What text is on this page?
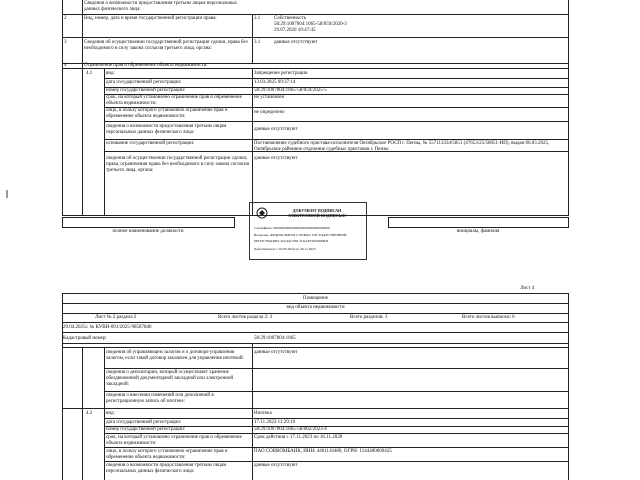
Сведения о возможности предоставления третьим лицам персональных данных физического лица:
2	Вид, номер, дата и время государственной регистрации права:	2.1	Собственность
58:29:1007004:1065-58/059/2020-3
29.07.2020 10:47:45
3	Сведения об осуществлении государственной регистрации сделки, права без необходимого в силу закона согласия третьего лица, органа:
3.1	данные отсутствуют
4	Ограничение прав и обременение объекта недвижимости:
4.1	вид:	Запрещение регистрации
дата государственной регистрации:	13.03.2025 09:37:14
номер государственной регистрации:	58:29:1007004:1065-58/059/2025-5
срок, на который установлено ограничение прав и обременение объекта недвижимости:
не установлен
лицо, в пользу которого установлено ограничение прав и обременение объекта недвижимости:
не определено
сведения о возможности предоставления третьим лицам персональных данных физического лица:
данные отсутствуют
основание государственной регистрации:	Постановление судебного пристава-исполнителя Октябрьское РОСП г. Пензы, № 557113334/5851 (47653/25/58051-ИП), выдан 06.03.2025, Октябрьское районное отделение судебных приставов г. Пензы
сведения об осуществлении государственной регистрации сделки, права, ограничения права без необходимого в силу закона согласия третьего лица, органа:
данные отсутствуют
полное наименование должности	инициалы, фамилия
ДОКУМЕНТ ПОДПИСАН
ЭЛЕКТРОННОЙ ПОДПИСЬЮ
Сертификат: 00000000000000000000000000000000
Владелец: ФЕДЕРАЛЬНАЯ СЛУЖБА ГОСУДАРСТВЕННОЙ
РЕГИСТРАЦИИ, КАДАСТРА И КАРТОГРАФИИ
Действителен: с 02.09.2024 по 26.11.2025
Лист 4
Помещение
вид объекта недвижимости
Лист № 2 раздела 2	Всего листов раздела 2: 3	Всего разделов: 3	Всего листов выписки: 6
29.04.2025г. № КУВИ-001/2025-98587840
Кадастровый номер:	58:29:1007004:1065
сведения об управляющем залогом и о договоре управления залогом, если такой договор заключен для управления ипотекой:
данные отсутствуют
сведения о депозитарии, который осуществляет хранение обездвиженной документарной закладной или электронной закладной:
сведения о внесении изменений или дополнений в регистрационную запись об ипотеке:
4.2	вид:	Ипотека
дата государственной регистрации:	17.11.2023 11:29:10
номер государственной регистрации:	58:29:1007004:1065-58/062/2023-4
срок, на который установлено ограничение прав и обременение объекта недвижимости:
Срок действия с 17.11.2023 по 16.11.2028
лицо, в пользу которого установлено ограничение прав и обременение объекта недвижимости:
ПАО СОВКОМБАНК, ИНН: 4401116480, ОГРН: 1144400000425
сведения о возможности предоставления третьим лицам персональных данных физического лица:
данные отсутствуют
